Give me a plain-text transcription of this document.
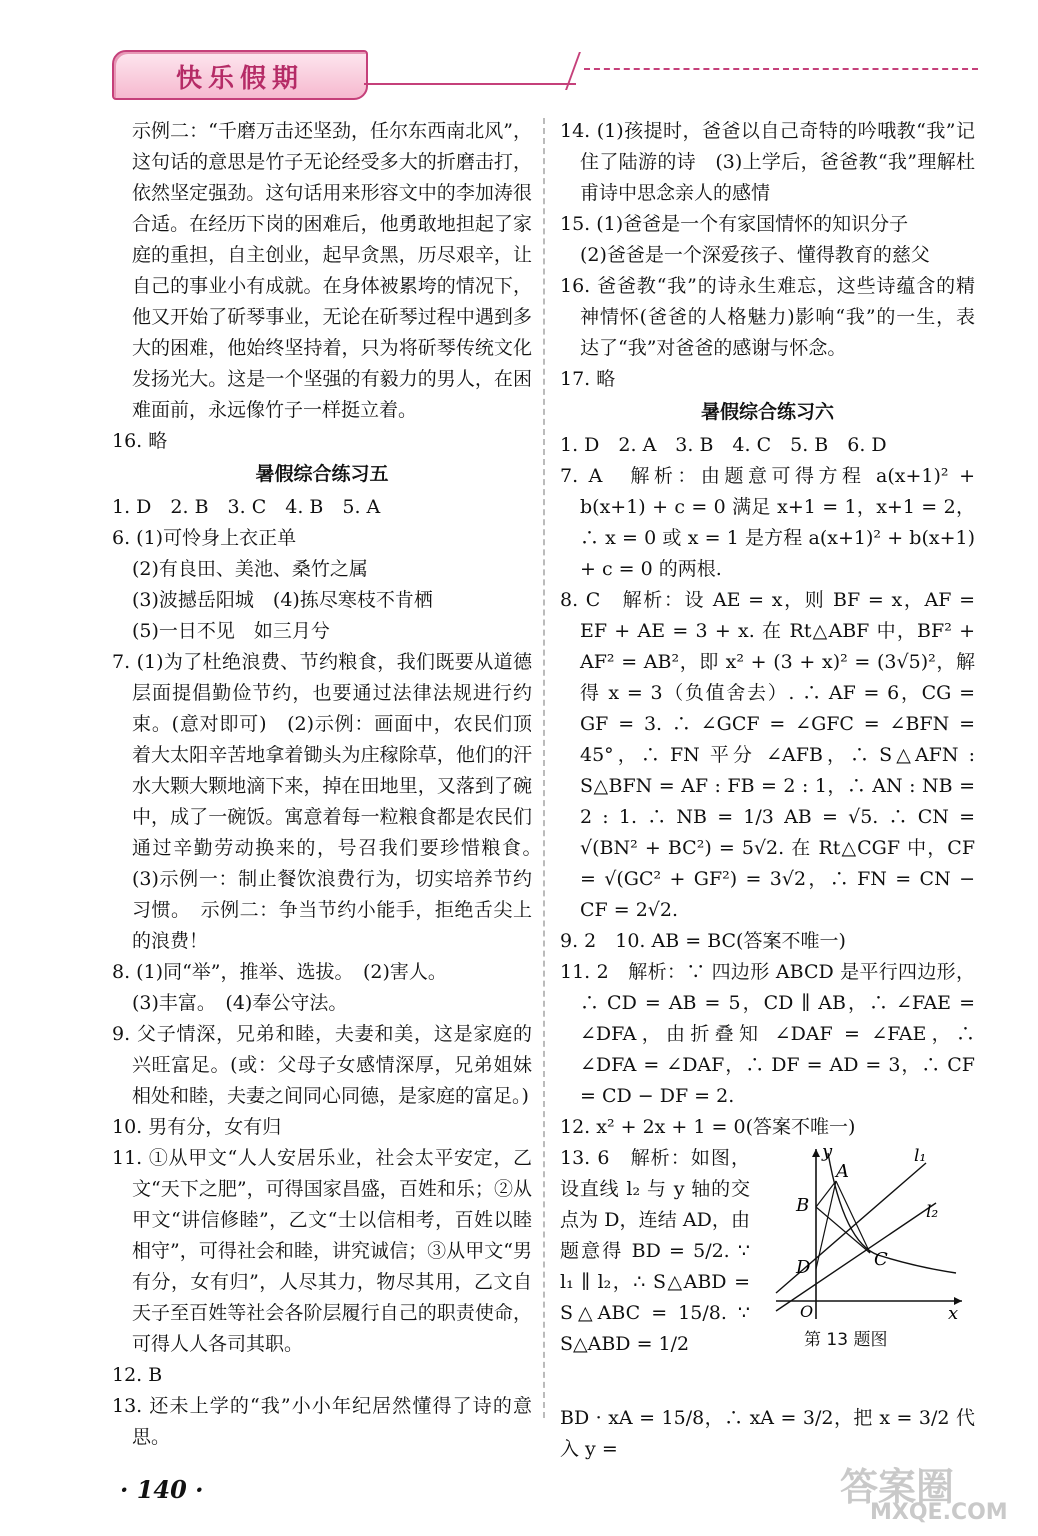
快乐假期

示例二：“千磨万击还坚劲，任尔东西南北风”，这句话的意思是竹子无论经受多大的折磨击打，依然坚定强劲。这句话用来形容文中的李加涛很合适。在经历下岗的困难后，他勇敢地担起了家庭的重担，自主创业，起早贪黑，历尽艰辛，让自己的事业小有成就。在身体被累垮的情况下，他又开始了斫琴事业，无论在斫琴过程中遇到多大的困难，他始终坚持着，只为将斫琴传统文化发扬光大。这是一个坚强的有毅力的男人，在困难面前，永远像竹子一样挺立着。

16. 略

暑假综合练习五

1. D　2. B　3. C　4. B　5. A

6. (1)可怜身上衣正单

(2)有良田、美池、桑竹之属

(3)波撼岳阳城　(4)拣尽寒枝不肯栖

(5)一日不见　如三月兮

7. (1)为了杜绝浪费、节约粮食，我们既要从道德层面提倡勤俭节约，也要通过法律法规进行约束。(意对即可)　(2)示例：画面中，农民们顶着大太阳辛苦地拿着锄头为庄稼除草，他们的汗水大颗大颗地滴下来，掉在田地里，又落到了碗中，成了一碗饭。寓意着每一粒粮食都是农民们通过辛勤劳动换来的，号召我们要珍惜粮食。　(3)示例一：制止餐饮浪费行为，切实培养节约习惯。　示例二：争当节约小能手，拒绝舌尖上的浪费！

8. (1)同“举”，推举、选拔。　(2)害人。

(3)丰富。　(4)奉公守法。

9. 父子情深，兄弟和睦，夫妻和美，这是家庭的兴旺富足。(或：父母子女感情深厚，兄弟姐妹相处和睦，夫妻之间同心同德，是家庭的富足。)

10. 男有分，女有归

11. ①从甲文“人人安居乐业，社会太平安定，乙文“天下之肥”，可得国家昌盛，百姓和乐；②从甲文“讲信修睦”，乙文“士以信相考，百姓以睦相守”，可得社会和睦，讲究诚信；③从甲文“男有分，女有归”，人尽其力，物尽其用，乙文自天子至百姓等社会各阶层履行自己的职责使命，可得人人各司其职。

12. B

13. 还未上学的“我”小小年纪居然懂得了诗的意思。

14. (1)孩提时，爸爸以自己奇特的吟哦教“我”记住了陆游的诗　(3)上学后，爸爸教“我”理解杜甫诗中思念亲人的感情

15. (1)爸爸是一个有家国情怀的知识分子

(2)爸爸是一个深爱孩子、懂得教育的慈父

16. 爸爸教“我”的诗永生难忘，这些诗蕴含的精神情怀(爸爸的人格魅力)影响“我”的一生，表达了“我”对爸爸的感谢与怀念。

17. 略

暑假综合练习六

1. D　2. A　3. B　4. C　5. B　6. D

7. A　解析：由题意可得方程 a(x+1)² + b(x+1) + c = 0 满足 x+1 = 1，x+1 = 2，∴ x = 0 或 x = 1 是方程 a(x+1)² + b(x+1) + c = 0 的两根.

8. C　解析：设 AE = x，则 BF = x，AF = EF + AE = 3 + x. 在 Rt△ABF 中，BF² + AF² = AB²，即 x² + (3 + x)² = (3√5)²，解得 x = 3（负值舍去）. ∴ AF = 6，CG = GF = 3. ∴ ∠GCF = ∠GFC = ∠BFN = 45°，∴ FN 平分 ∠AFB，∴ S△AFN : S△BFN = AF : FB = 2 : 1，∴ AN : NB = 2 : 1. ∴ NB = 1/3 AB = √5. ∴ CN = √(BN² + BC²) = 5√2. 在 Rt△CGF 中，CF = √(GC² + GF²) = 3√2，∴ FN = CN − CF = 2√2.

9. 2　10. AB = BC(答案不唯一)

11. 2　解析：∵ 四边形 ABCD 是平行四边形，∴ CD = AB = 5，CD ∥ AB，∴ ∠FAE = ∠DFA，由折叠知 ∠DAF = ∠FAE，∴ ∠DFA = ∠DAF，∴ DF = AD = 3，∴ CF = CD − DF = 2.

12. x² + 2x + 1 = 0(答案不唯一)

13. 6　解析：如图，设直线 l₂ 与 y 轴的交点为 D，连结 AD，由题意得 BD = 5/2. ∵ l₁ ∥ l₂，∴ S△ABD = S△ABC = 15/8. ∵ S△ABD = 1/2

y
x
O
A
B
C
D
l₁
l₂
第 13 题图

BD · xA = 15/8，∴ xA = 3/2，把 x = 3/2 代入 y =

· 140 ·	答案圈
MXQE.COM
